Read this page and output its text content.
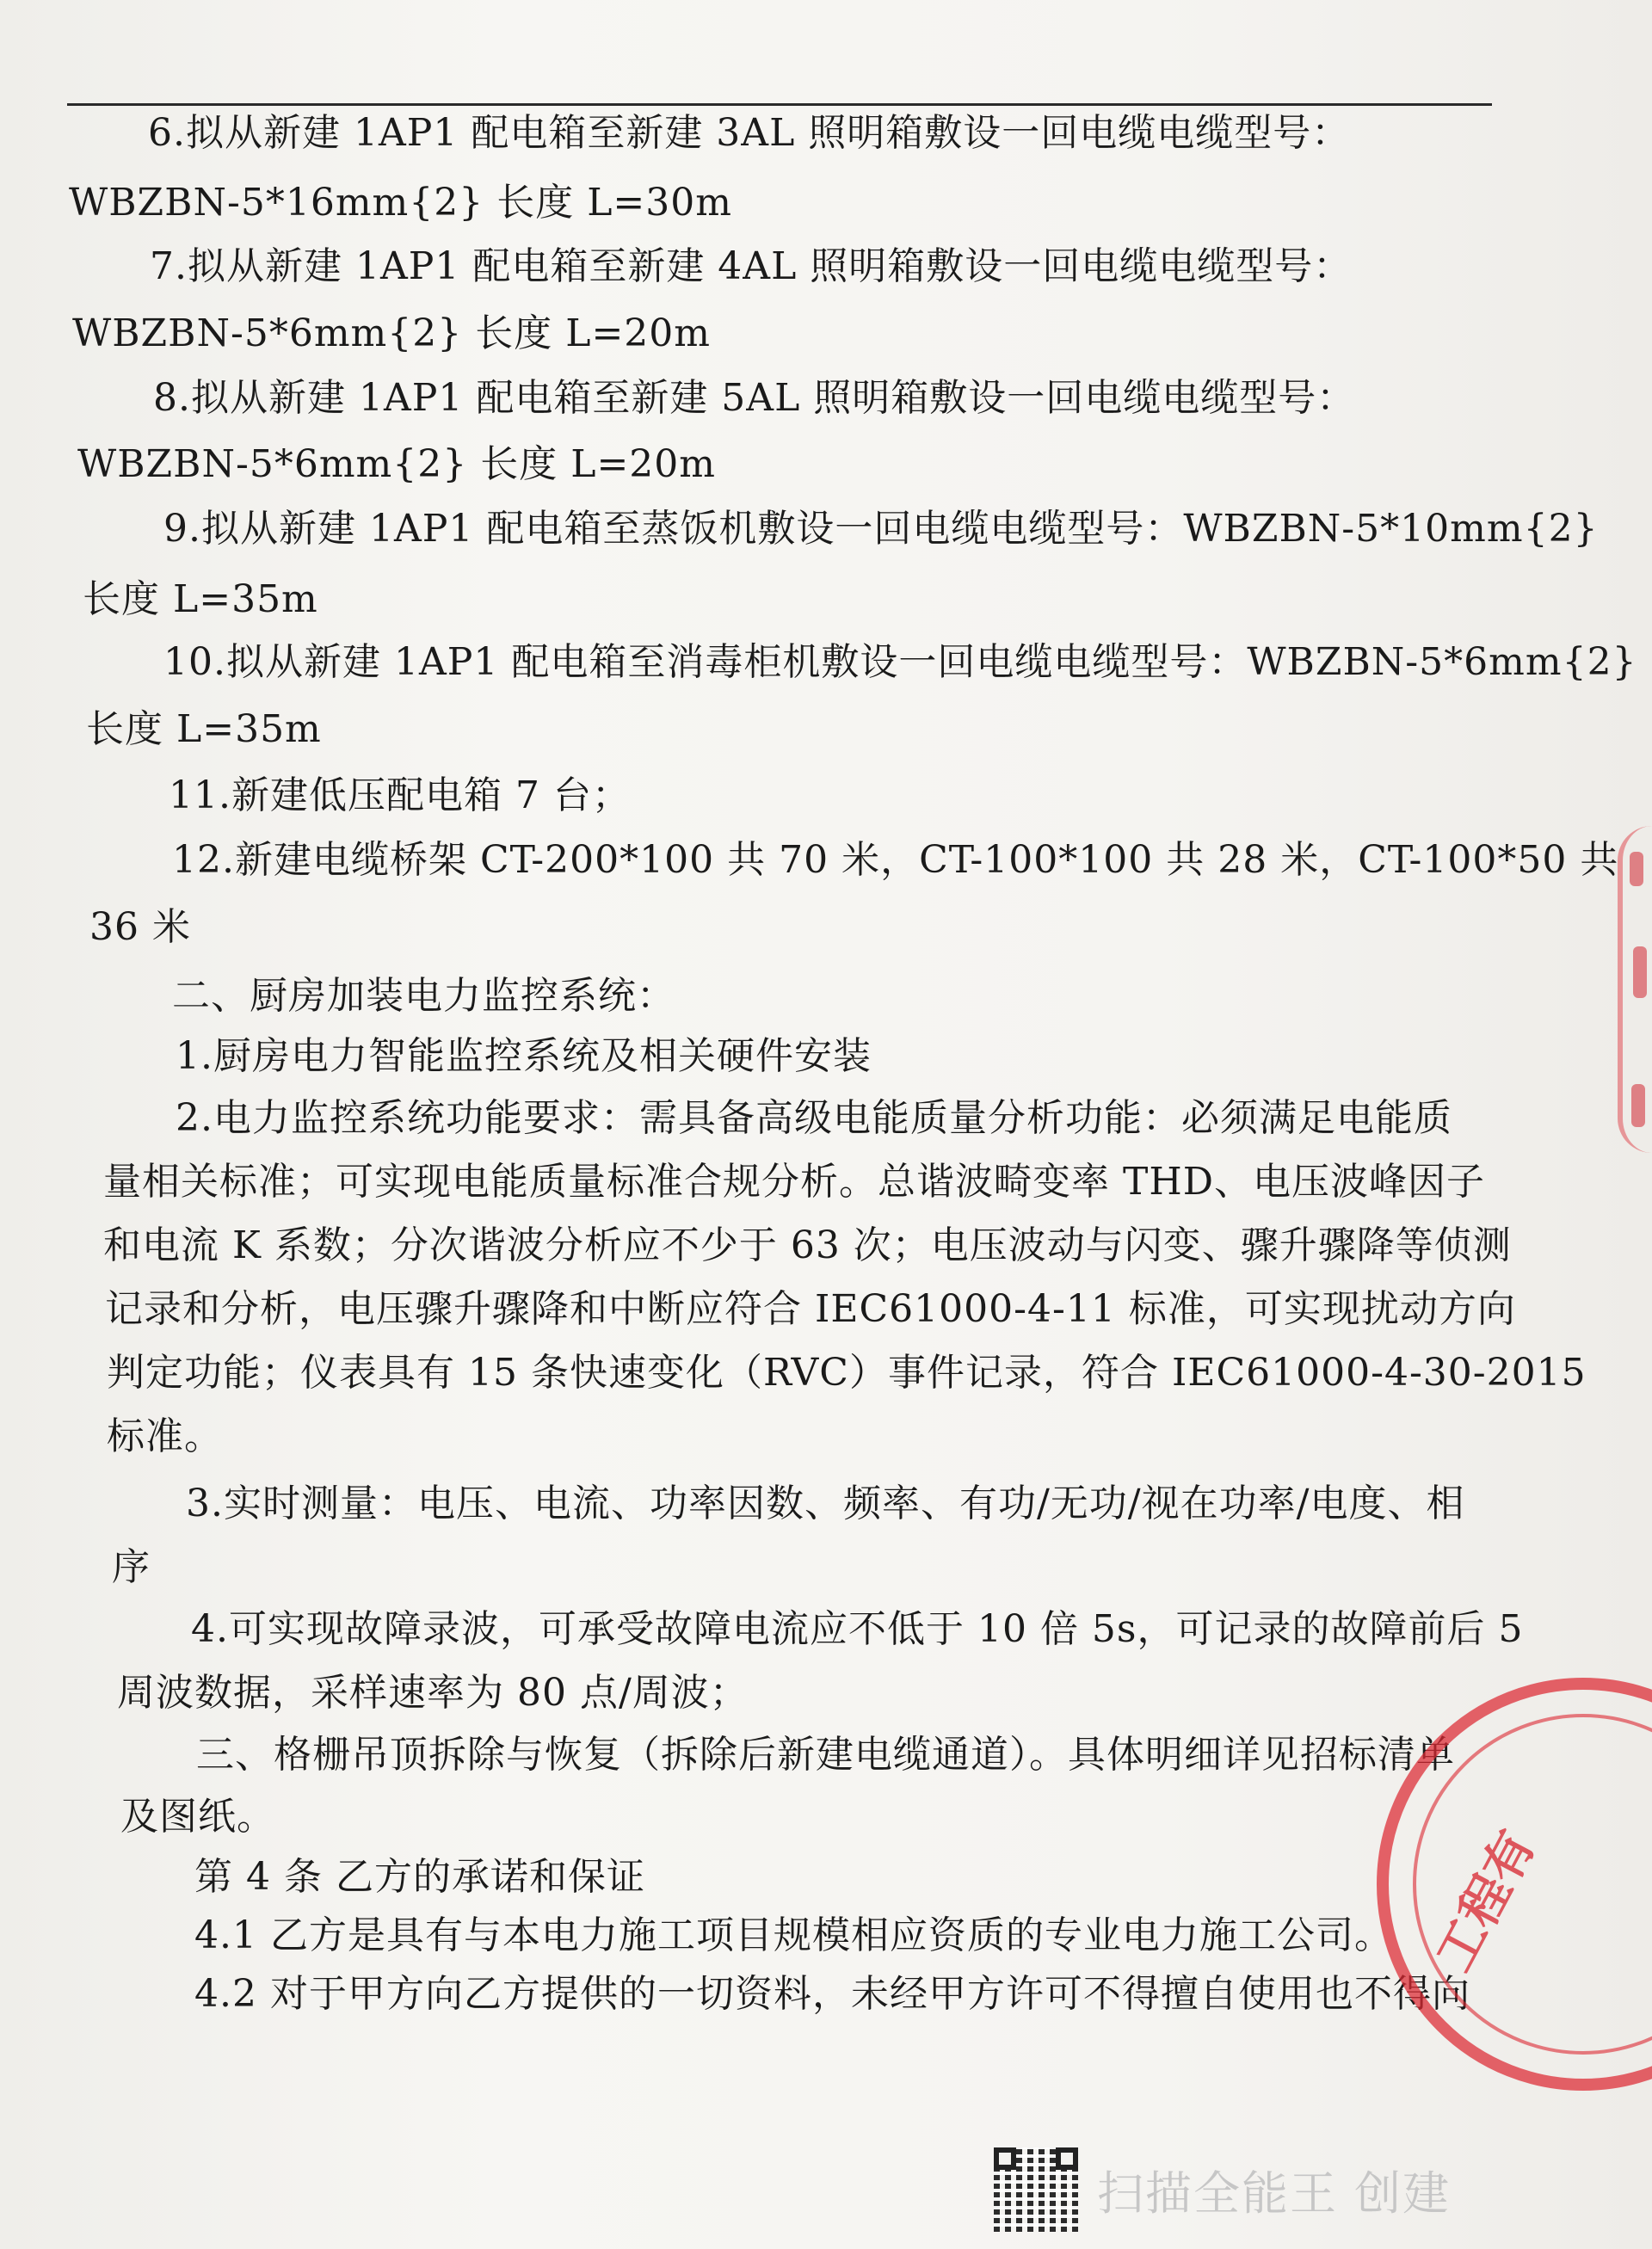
6.拟从新建 1AP1 配电箱至新建 3AL 照明箱敷设一回电缆电缆型号：
WBZBN-5*16mm{2} 长度 L=30m
7.拟从新建 1AP1 配电箱至新建 4AL 照明箱敷设一回电缆电缆型号：
WBZBN-5*6mm{2} 长度 L=20m
8.拟从新建 1AP1 配电箱至新建 5AL 照明箱敷设一回电缆电缆型号：
WBZBN-5*6mm{2} 长度 L=20m
9.拟从新建 1AP1 配电箱至蒸饭机敷设一回电缆电缆型号：WBZBN-5*10mm{2}
长度 L=35m
10.拟从新建 1AP1 配电箱至消毒柜机敷设一回电缆电缆型号：WBZBN-5*6mm{2}
长度 L=35m
11.新建低压配电箱 7 台；
12.新建电缆桥架 CT-200*100 共 70 米，CT-100*100 共 28 米，CT-100*50 共
36 米
二、厨房加装电力监控系统：
1.厨房电力智能监控系统及相关硬件安装
2.电力监控系统功能要求：需具备高级电能质量分析功能：必须满足电能质
量相关标准；可实现电能质量标准合规分析。总谐波畸变率 THD、电压波峰因子
和电流 K 系数；分次谐波分析应不少于 63 次；电压波动与闪变、骤升骤降等侦测
记录和分析，电压骤升骤降和中断应符合 IEC61000-4-11 标准，可实现扰动方向
判定功能；仪表具有 15 条快速变化（RVC）事件记录，符合 IEC61000-4-30-2015
标准。
3.实时测量：电压、电流、功率因数、频率、有功/无功/视在功率/电度、相
序
4.可实现故障录波，可承受故障电流应不低于 10 倍 5s，可记录的故障前后 5
周波数据，采样速率为 80 点/周波；
三、格栅吊顶拆除与恢复（拆除后新建电缆通道）。具体明细详见招标清单
及图纸。
第 4 条 乙方的承诺和保证
4.1 乙方是具有与本电力施工项目规模相应资质的专业电力施工公司。
4.2 对于甲方向乙方提供的一切资料，未经甲方许可不得擅自使用也不得向
工程有
扫描全能王 创建
